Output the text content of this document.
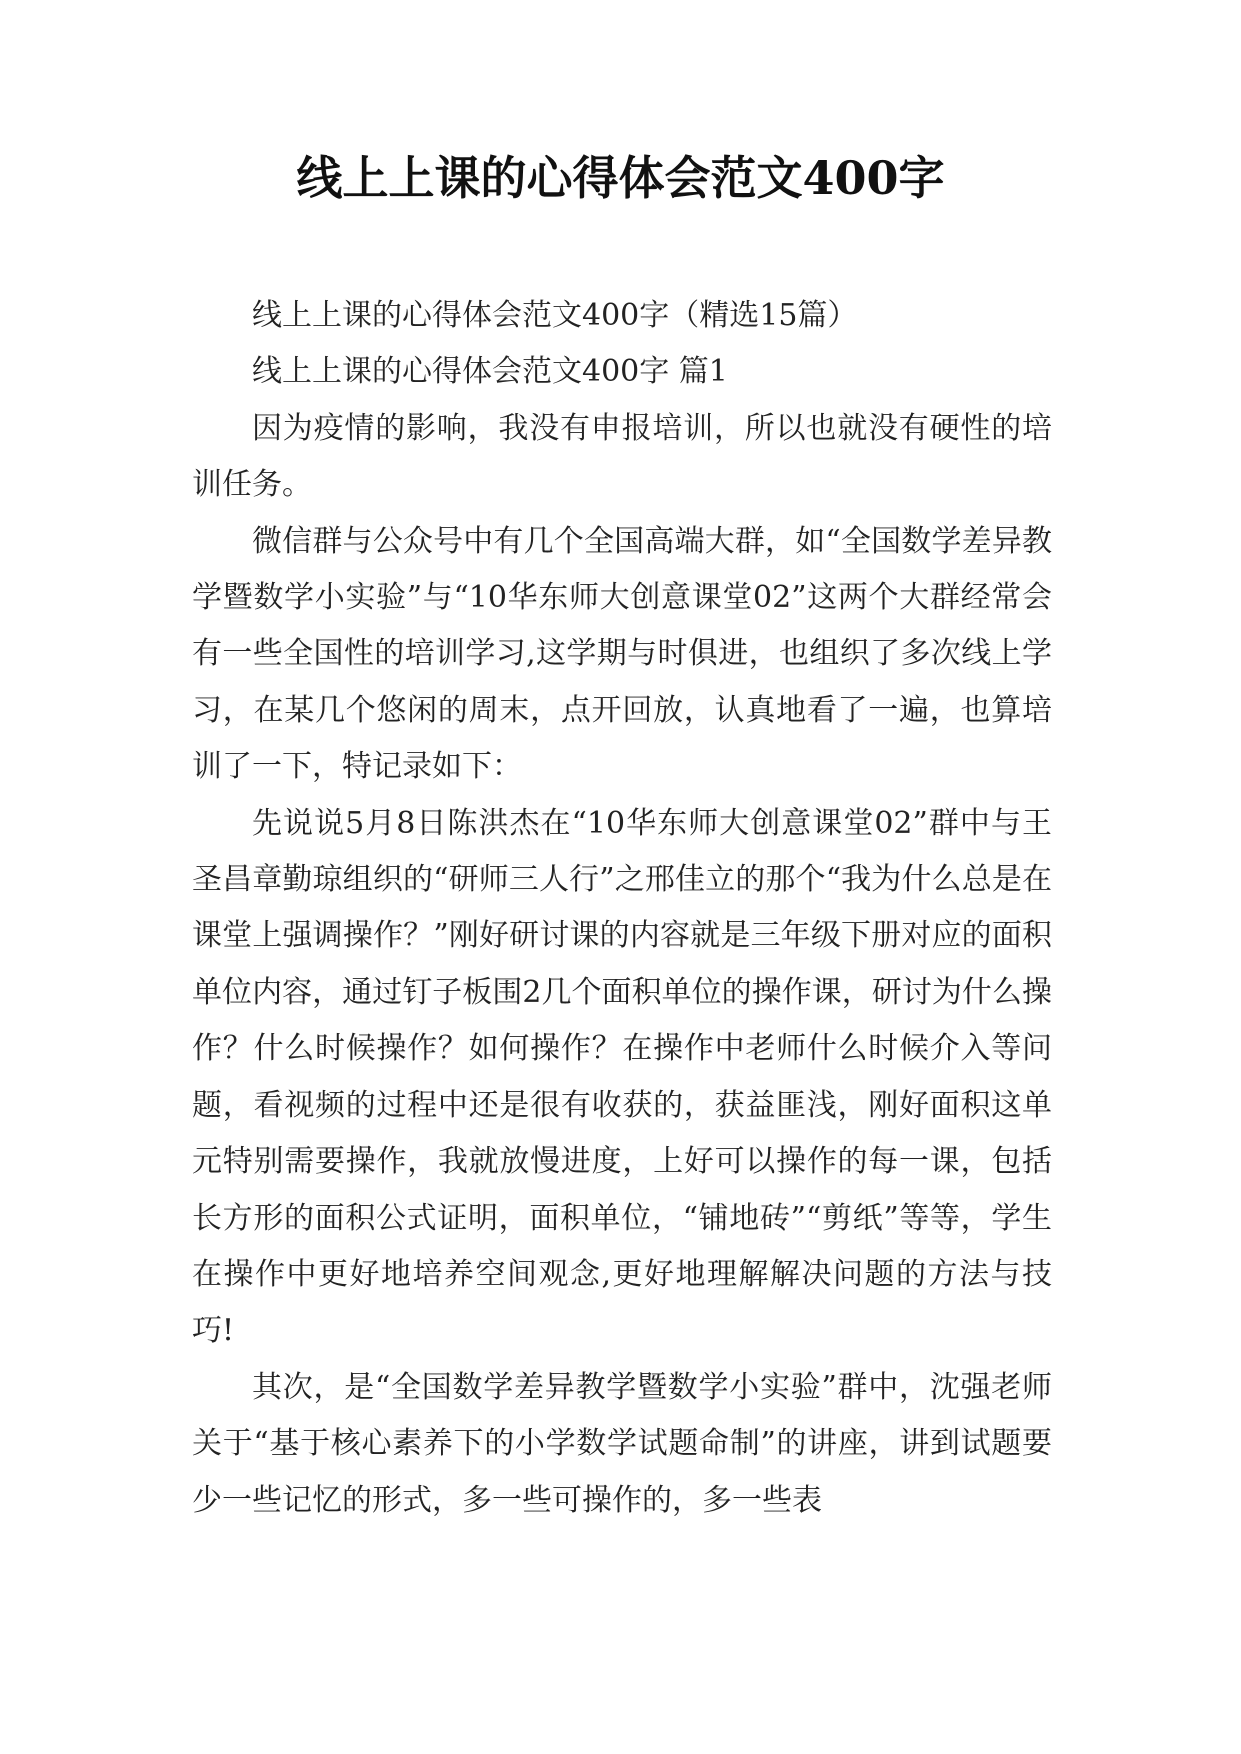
线上上课的心得体会范文400字

线上上课的心得体会范文400字（精选15篇）

线上上课的心得体会范文400字 篇1

因为疫情的影响，我没有申报培训，所以也就没有硬性的培训任务。

微信群与公众号中有几个全国高端大群，如“全国数学差异教学暨数学小实验”与“10华东师大创意课堂02”这两个大群经常会有一些全国性的培训学习,这学期与时俱进，也组织了多次线上学习，在某几个悠闲的周末，点开回放，认真地看了一遍，也算培训了一下，特记录如下：

先说说5月8日陈洪杰在“10华东师大创意课堂02”群中与王圣昌章勤琼组织的“研师三人行”之邢佳立的那个“我为什么总是在课堂上强调操作？”刚好研讨课的内容就是三年级下册对应的面积单位内容，通过钉子板围2几个面积单位的操作课，研讨为什么操作？什么时候操作？如何操作？在操作中老师什么时候介入等问题，看视频的过程中还是很有收获的，获益匪浅，刚好面积这单元特别需要操作，我就放慢进度，上好可以操作的每一课，包括长方形的面积公式证明，面积单位，“铺地砖”“剪纸”等等，学生在操作中更好地培养空间观念,更好地理解解决问题的方法与技巧!

其次，是“全国数学差异教学暨数学小实验”群中，沈强老师关于“基于核心素养下的小学数学试题命制”的讲座，讲到试题要少一些记忆的形式，多一些可操作的，多一些表
